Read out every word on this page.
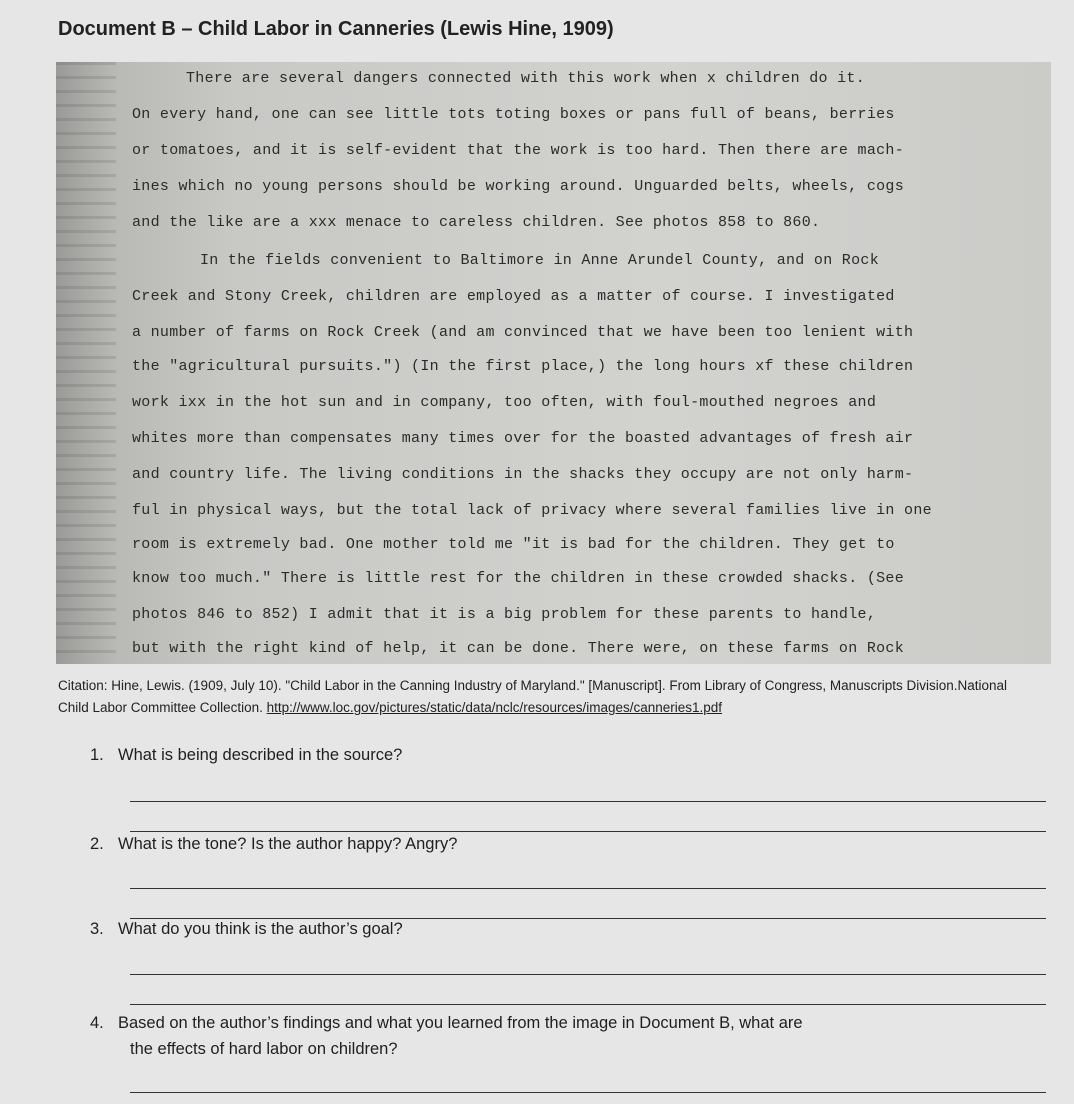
Document B – Child Labor in Canneries (Lewis Hine, 1909)
There are several dangers connected with this work when x children do it.
On every hand, one can see little tots toting boxes or pans full of beans, berries
or tomatoes, and it is self-evident that the work is too hard. Then there are mach-
ines which no young persons should be working around. Unguarded belts, wheels, cogs
and the like are a xxx menace to careless children. See photos 858 to 860.
In the fields convenient to Baltimore in Anne Arundel County, and on Rock
Creek and Stony Creek, children are employed as a matter of course. I investigated
a number of farms on Rock Creek (and am convinced that we have been too lenient with
the "agricultural pursuits.") (In the first place,) the long hours xf these children
work ixx in the hot sun and in company, too often, with foul-mouthed negroes and
whites more than compensates many times over for the boasted advantages of fresh air
and country life. The living conditions in the shacks they occupy are not only harm-
ful in physical ways, but the total lack of privacy where several families live in one
room is extremely bad. One mother told me "it is bad for the children. They get to
know too much." There is little rest for the children in these crowded shacks. (See
photos 846 to 852) I admit that it is a big problem for these parents to handle,
but with the right kind of help, it can be done. There were, on these farms on Rock
Citation: Hine, Lewis. (1909, July 10). "Child Labor in the Canning Industry of Maryland." [Manuscript]. From Library of Congress, Manuscripts Division.National Child Labor Committee Collection. http://www.loc.gov/pictures/static/data/nclc/resources/images/canneries1.pdf
1. What is being described in the source?
2. What is the tone? Is the author happy? Angry?
3. What do you think is the author’s goal?
4. Based on the author’s findings and what you learned from the image in Document B, what are
the effects of hard labor on children?
